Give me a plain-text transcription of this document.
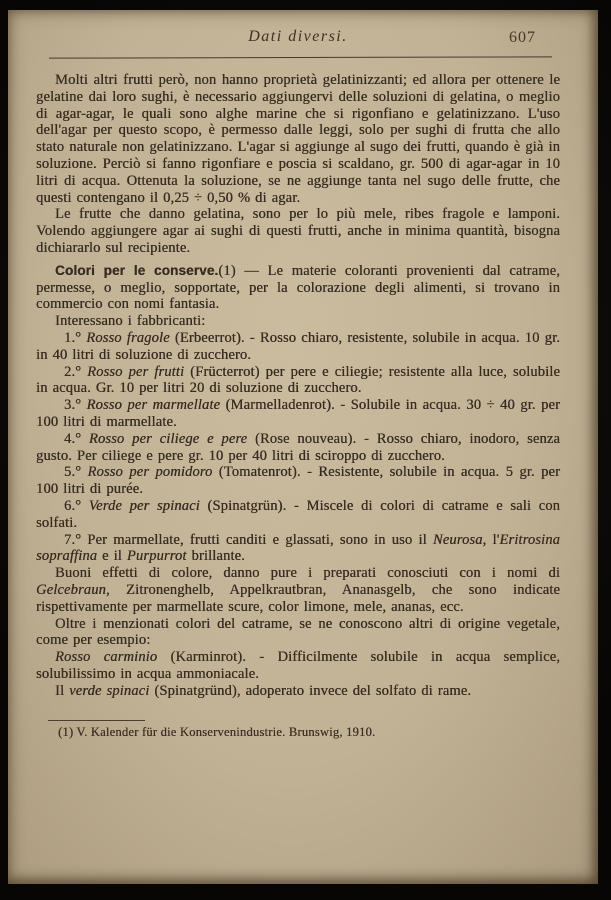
Dati diversi.	607

Molti altri frutti però, non hanno proprietà gelatinizzanti; ed allora per ottenere le gelatine dai loro sughi, è necessario aggiungervi delle soluzioni di gelatina, o meglio di agar-agar, le quali sono alghe marine che si rigonfiano e gelatinizzano. L'uso dell'agar per questo scopo, è permesso dalle leggi, solo per sughi di frutta che allo stato naturale non gelatinizzano. L'agar si aggiunge al sugo dei frutti, quando è già in soluzione. Perciò si fanno rigonfiare e poscia si scaldano, gr. 500 di agar-agar in 10 litri di acqua. Ottenuta la soluzione, se ne aggiunge tanta nel sugo delle frutte, che questi contengano il 0,25 ÷ 0,50 % di agar.

Le frutte che danno gelatina, sono per lo più mele, ribes fragole e lamponi. Volendo aggiungere agar ai sughi di questi frutti, anche in minima quantità, bisogna dichiararlo sul recipiente.

Colori per le conserve.(1) — Le materie coloranti provenienti dal catrame, permesse, o meglio, sopportate, per la colorazione degli alimenti, si trovano in commercio con nomi fantasia.

Interessano i fabbricanti:

1.° Rosso fragole (Erbeerrot). - Rosso chiaro, resistente, solubile in acqua. 10 gr. in 40 litri di soluzione di zucchero.

2.° Rosso per frutti (Frücterrot) per pere e ciliegie; resistente alla luce, solubile in acqua. Gr. 10 per litri 20 di soluzione di zucchero.

3.° Rosso per marmellate (Marmelladenrot). - Solubile in acqua. 30 ÷ 40 gr. per 100 litri di marmellate.

4.° Rosso per ciliege e pere (Rose nouveau). - Rosso chiaro, inodoro, senza gusto. Per ciliege e pere gr. 10 per 40 litri di sciroppo di zucchero.

5.° Rosso per pomidoro (Tomatenrot). - Resistente, solubile in acqua. 5 gr. per 100 litri di purée.

6.° Verde per spinaci (Spinatgrün). - Miscele di colori di catrame e sali con solfati.

7.° Per marmellate, frutti canditi e glassati, sono in uso il Neurosa, l'Eritrosina sopraffina e il Purpurrot brillante.

Buoni effetti di colore, danno pure i preparati conosciuti con i nomi di Gelcebraun, Zitronenghelb, Appelkrautbran, Ananasgelb, che sono indicate rispettivamente per marmellate scure, color limone, mele, ananas, ecc.

Oltre i menzionati colori del catrame, se ne conoscono altri di origine vegetale, come per esempio:

Rosso carminio (Karminrot). - Difficilmente solubile in acqua semplice, solubilissimo in acqua ammoniacale.

Il verde spinaci (Spinatgründ), adoperato invece del solfato di rame.

(1) V. Kalender für die Konservenindustrie. Brunswig, 1910.
